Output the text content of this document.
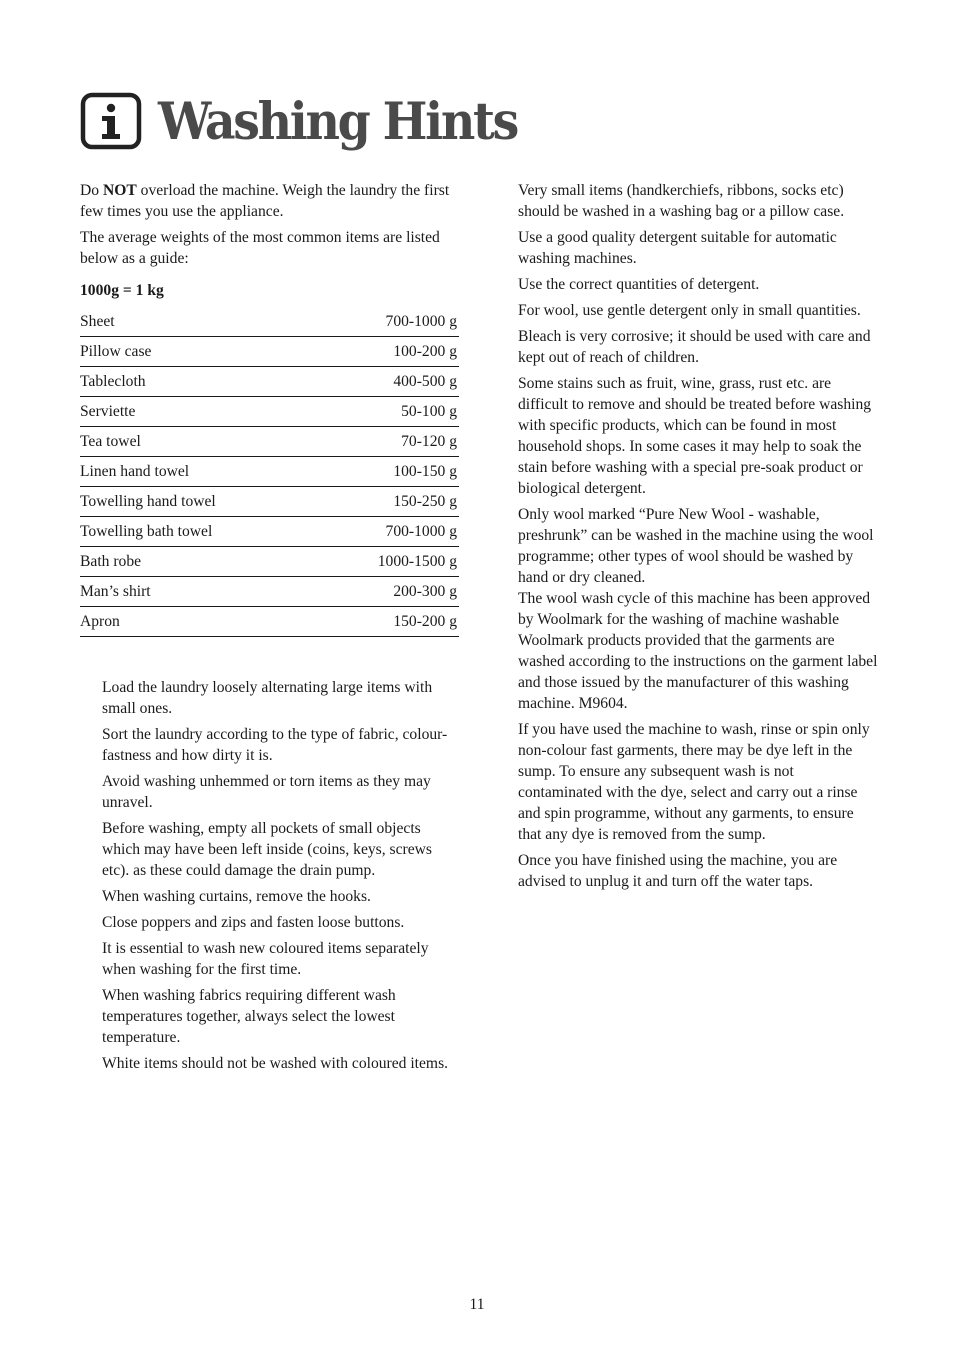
Washing Hints

Do NOT overload the machine. Weigh the laundry the first few times you use the appliance.

The average weights of the most common items are listed below as a guide:

1000g = 1 kg
Sheet	700-1000 g
Pillow case	100-200 g
Tablecloth	400-500 g
Serviette	50-100 g
Tea towel	70-120 g
Linen hand towel	100-150 g
Towelling hand towel	150-250 g
Towelling bath towel	700-1000 g
Bath robe	1000-1500 g
Man’s shirt	200-300 g
Apron	150-200 g

Load the laundry loosely alternating large items with small ones.

Sort the laundry according to the type of fabric, colour-fastness and how dirty it is.

Avoid washing unhemmed or torn items as they may unravel.

Before washing, empty all pockets of small objects which may have been left inside (coins, keys, screws etc). as these could damage the drain pump.

When washing curtains, remove the hooks.

Close poppers and zips and fasten loose buttons.

It is essential to wash new coloured items separately when washing for the first time.

When washing fabrics requiring different wash temperatures together, always select the lowest temperature.

White items should not be washed with coloured items.

Very small items (handkerchiefs, ribbons, socks etc) should be washed in a washing bag or a pillow case.

Use a good quality detergent suitable for automatic washing machines.

Use the correct quantities of detergent.

For wool, use gentle detergent only in small quantities.

Bleach is very corrosive; it should be used with care and kept out of reach of children.

Some stains such as fruit, wine, grass, rust etc. are difficult to remove and should be treated before washing with specific products, which can be found in most household shops. In some cases it may help to soak the stain before washing with a special pre-soak product or biological detergent.

Only wool marked “Pure New Wool - washable, preshrunk” can be washed in the machine using the wool programme; other types of wool should be washed by hand or dry cleaned.

The wool wash cycle of this machine has been approved by Woolmark for the washing of machine washable Woolmark products provided that the garments are washed according to the instructions on the garment label and those issued by the manufacturer of this washing machine. M9604.

If you have used the machine to wash, rinse or spin only non-colour fast garments, there may be dye left in the sump. To ensure any subsequent wash is not contaminated with the dye, select and carry out a rinse and spin programme, without any garments, to ensure that any dye is removed from the sump.

Once you have finished using the machine, you are advised to unplug it and turn off the water taps.

11
